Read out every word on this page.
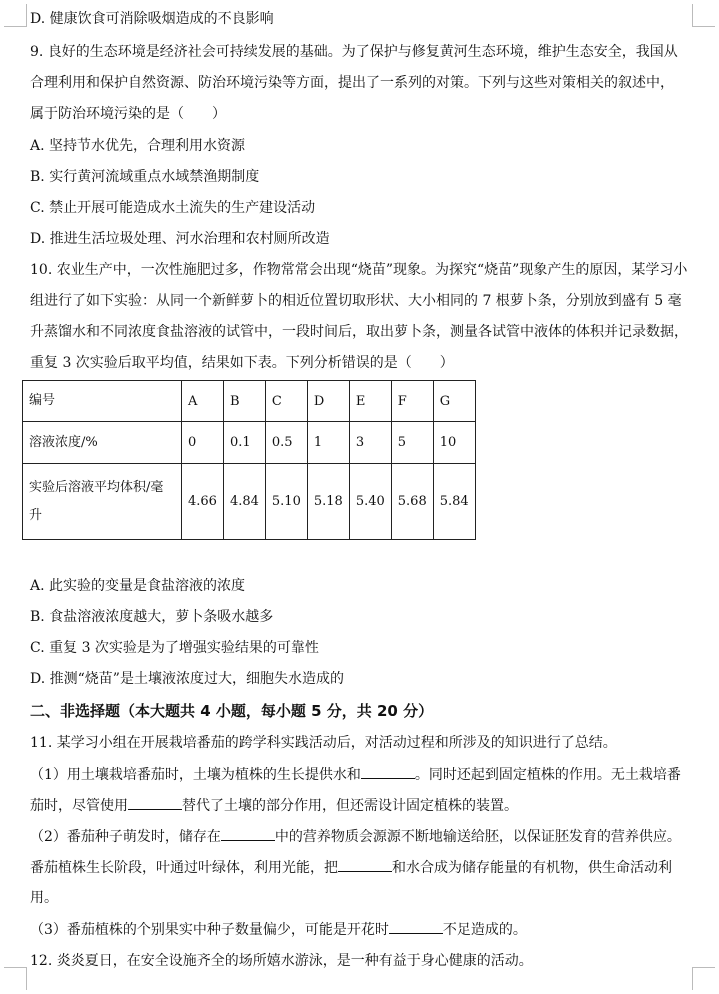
D. 健康饮食可消除吸烟造成的不良影响
9. 良好的生态环境是经济社会可持续发展的基础。为了保护与修复黄河生态环境，维护生态安全，我国从
合理利用和保护自然资源、防治环境污染等方面，提出了一系列的对策。下列与这些对策相关的叙述中，
属于防治环境污染的是（　　）
A. 坚持节水优先，合理利用水资源
B. 实行黄河流域重点水域禁渔期制度
C. 禁止开展可能造成水土流失的生产建设活动
D. 推进生活垃圾处理、河水治理和农村厕所改造
10. 农业生产中，一次性施肥过多，作物常常会出现“烧苗”现象。为探究“烧苗”现象产生的原因，某学习小
组进行了如下实验：从同一个新鲜萝卜的相近位置切取形状、大小相同的 7 根萝卜条，分别放到盛有 5 毫
升蒸馏水和不同浓度食盐溶液的试管中，一段时间后，取出萝卜条，测量各试管中液体的体积并记录数据，
重复 3 次实验后取平均值，结果如下表。下列分析错误的是（　　）
编号	A	B	C	D	E	F	G
溶液浓度/%	0	0.1	0.5	1	3	5	10
实验后溶液平均体积/毫升	4.66	4.84	5.10	5.18	5.40	5.68	5.84
A. 此实验的变量是食盐溶液的浓度
B. 食盐溶液浓度越大，萝卜条吸水越多
C. 重复 3 次实验是为了增强实验结果的可靠性
D. 推测“烧苗”是土壤液浓度过大，细胞失水造成的
二、非选择题（本大题共 4 小题，每小题 5 分，共 20 分）
11. 某学习小组在开展栽培番茄的跨学科实践活动后，对活动过程和所涉及的知识进行了总结。
（1）用土壤栽培番茄时，土壤为植株的生长提供水和	。同时还起到固定植株的作用。无土栽培番
茄时，尽管使用	替代了土壤的部分作用，但还需设计固定植株的装置。
（2）番茄种子萌发时，储存在	中的营养物质会源源不断地输送给胚，以保证胚发育的营养供应。
番茄植株生长阶段，叶通过叶绿体，利用光能，把	和水合成为储存能量的有机物，供生命活动利
用。
（3）番茄植株的个别果实中种子数量偏少，可能是开花时	不足造成的。
12. 炎炎夏日，在安全设施齐全的场所嬉水游泳，是一种有益于身心健康的活动。
